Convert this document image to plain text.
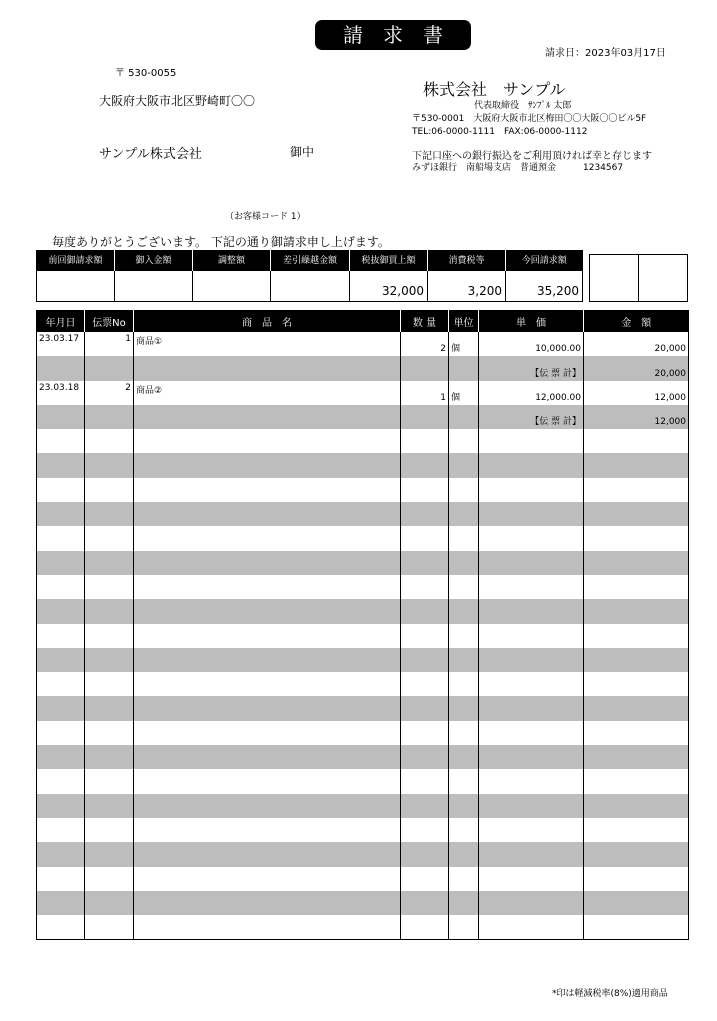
請求書
請求日：2023年03月17日
〒 530-0055
大阪府大阪市北区野崎町〇〇
サンプル株式会社	御中
（お客様コード 1）
株式会社　サンプル
代表取締役　ｻﾝﾌﾟﾙ 太郎
〒530-0001　大阪府大阪市北区梅田〇〇大阪〇〇ビル5F
TEL:06-0000-1111　FAX:06-0000-1112
下記口座への銀行振込をご利用頂ければ幸と存じます
みずほ銀行　南船場支店　普通預金　　　1234567
毎度ありがとうございます。 下記の通り御請求申し上げます。
前回御請求額	御入金額	調整額	差引繰越金額	税抜御買上額	消費税等	今回請求額
				32,000	3,200	35,200
年月日	伝票No	商　品　名	数 量	単位	単　価	金　額
23.03.17	1	商品①	2	個	10,000.00	20,000
					【伝 票 計】	20,000
23.03.18	2	商品②	1	個	12,000.00	12,000
					【伝 票 計】	12,000

*印は軽減税率(8%)適用商品
